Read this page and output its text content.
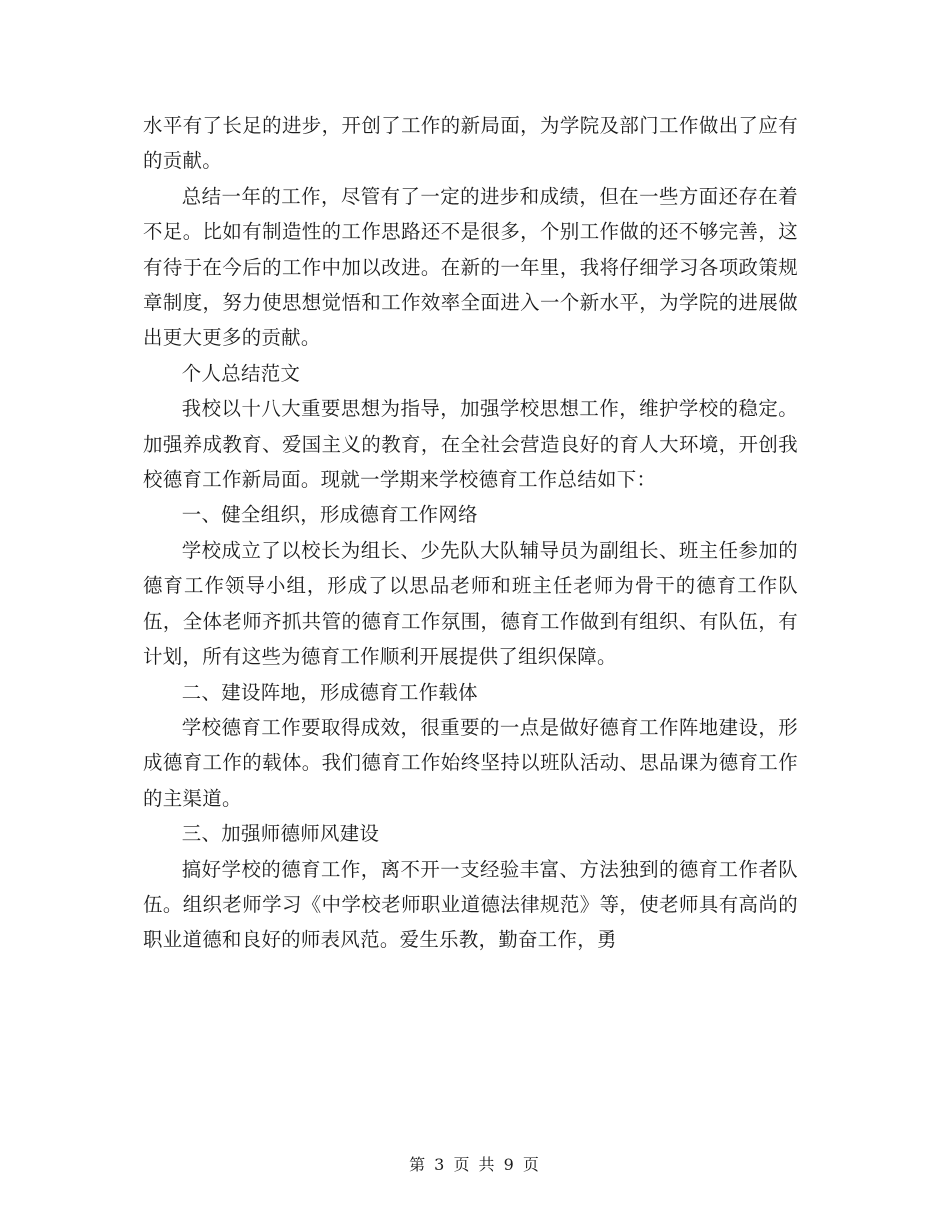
水平有了长足的进步，开创了工作的新局面，为学院及部门工作做出了应有的贡献。

总结一年的工作，尽管有了一定的进步和成绩，但在一些方面还存在着不足。比如有制造性的工作思路还不是很多，个别工作做的还不够完善，这有待于在今后的工作中加以改进。在新的一年里，我将仔细学习各项政策规章制度，努力使思想觉悟和工作效率全面进入一个新水平，为学院的进展做出更大更多的贡献。

个人总结范文

我校以十八大重要思想为指导，加强学校思想工作，维护学校的稳定。加强养成教育、爱国主义的教育，在全社会营造良好的育人大环境，开创我校德育工作新局面。现就一学期来学校德育工作总结如下：

一、健全组织，形成德育工作网络

学校成立了以校长为组长、少先队大队辅导员为副组长、班主任参加的德育工作领导小组，形成了以思品老师和班主任老师为骨干的德育工作队伍，全体老师齐抓共管的德育工作氛围，德育工作做到有组织、有队伍，有计划，所有这些为德育工作顺利开展提供了组织保障。

二、建设阵地，形成德育工作载体

学校德育工作要取得成效，很重要的一点是做好德育工作阵地建设，形成德育工作的载体。我们德育工作始终坚持以班队活动、思品课为德育工作的主渠道。

三、加强师德师风建设

搞好学校的德育工作，离不开一支经验丰富、方法独到的德育工作者队伍。组织老师学习《中学校老师职业道德法律规范》等，使老师具有高尚的职业道德和良好的师表风范。爱生乐教，勤奋工作，勇

第 3 页 共 9 页
